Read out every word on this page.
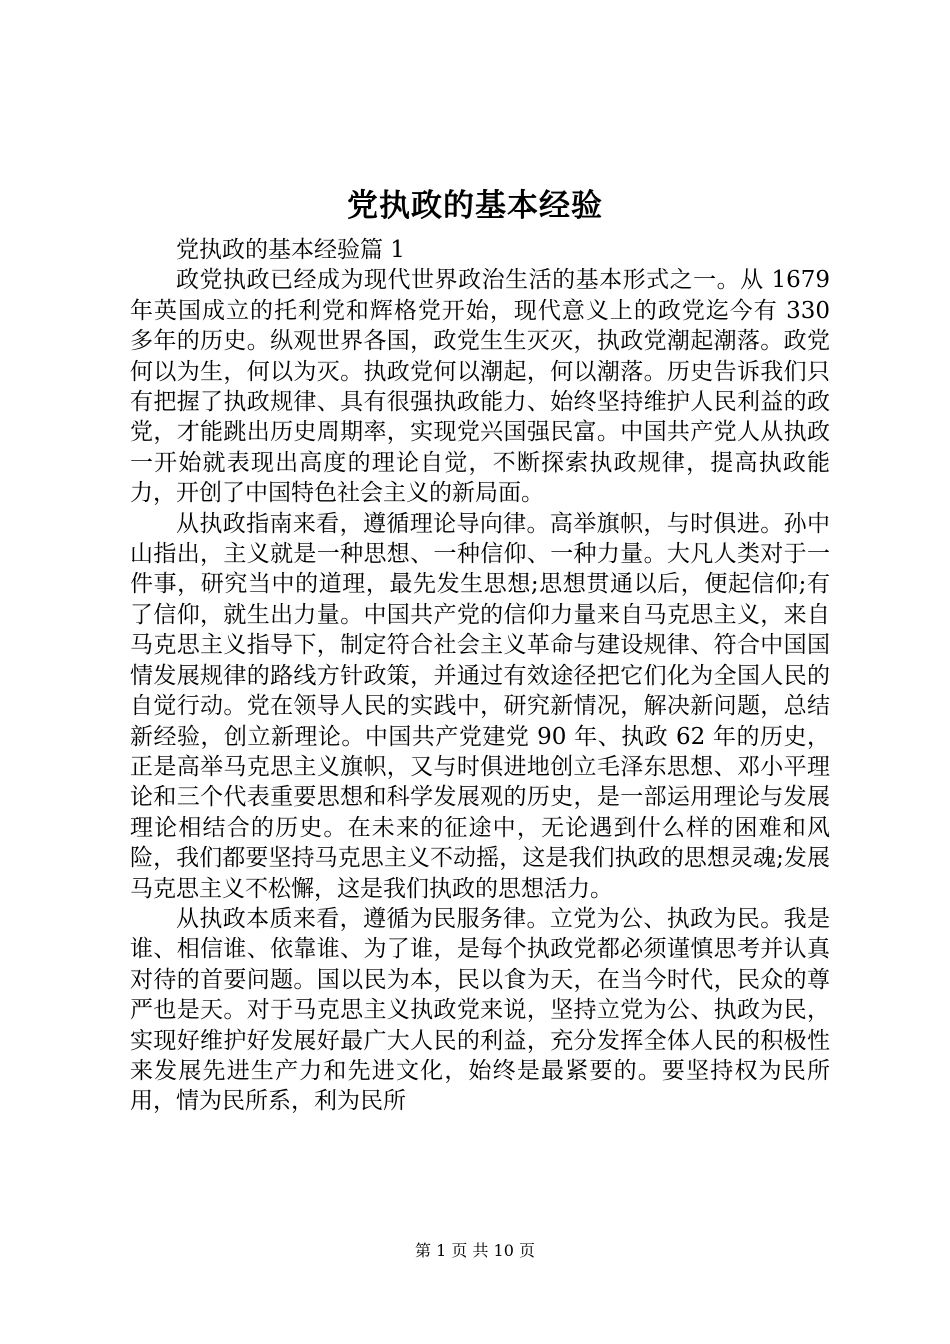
党执政的基本经验

党执政的基本经验篇 1

政党执政已经成为现代世界政治生活的基本形式之一。从 1679 年英国成立的托利党和辉格党开始，现代意义上的政党迄今有 330 多年的历史。纵观世界各国，政党生生灭灭，执政党潮起潮落。政党何以为生，何以为灭。执政党何以潮起，何以潮落。历史告诉我们只有把握了执政规律、具有很强执政能力、始终坚持维护人民利益的政党，才能跳出历史周期率，实现党兴国强民富。中国共产党人从执政一开始就表现出高度的理论自觉，不断探索执政规律，提高执政能力，开创了中国特色社会主义的新局面。

从执政指南来看，遵循理论导向律。高举旗帜，与时俱进。孙中山指出，主义就是一种思想、一种信仰、一种力量。大凡人类对于一件事，研究当中的道理，最先发生思想;思想贯通以后，便起信仰;有了信仰，就生出力量。中国共产党的信仰力量来自马克思主义，来自马克思主义指导下，制定符合社会主义革命与建设规律、符合中国国情发展规律的路线方针政策，并通过有效途径把它们化为全国人民的自觉行动。党在领导人民的实践中，研究新情况，解决新问题，总结新经验，创立新理论。中国共产党建党 90 年、执政 62 年的历史，正是高举马克思主义旗帜，又与时俱进地创立毛泽东思想、邓小平理论和三个代表重要思想和科学发展观的历史，是一部运用理论与发展理论相结合的历史。在未来的征途中，无论遇到什么样的困难和风险，我们都要坚持马克思主义不动摇，这是我们执政的思想灵魂;发展马克思主义不松懈，这是我们执政的思想活力。

从执政本质来看，遵循为民服务律。立党为公、执政为民。我是谁、相信谁、依靠谁、为了谁，是每个执政党都必须谨慎思考并认真对待的首要问题。国以民为本，民以食为天，在当今时代，民众的尊严也是天。对于马克思主义执政党来说，坚持立党为公、执政为民，实现好维护好发展好最广大人民的利益，充分发挥全体人民的积极性来发展先进生产力和先进文化，始终是最紧要的。要坚持权为民所用，情为民所系，利为民所

第 1 页 共 10 页
